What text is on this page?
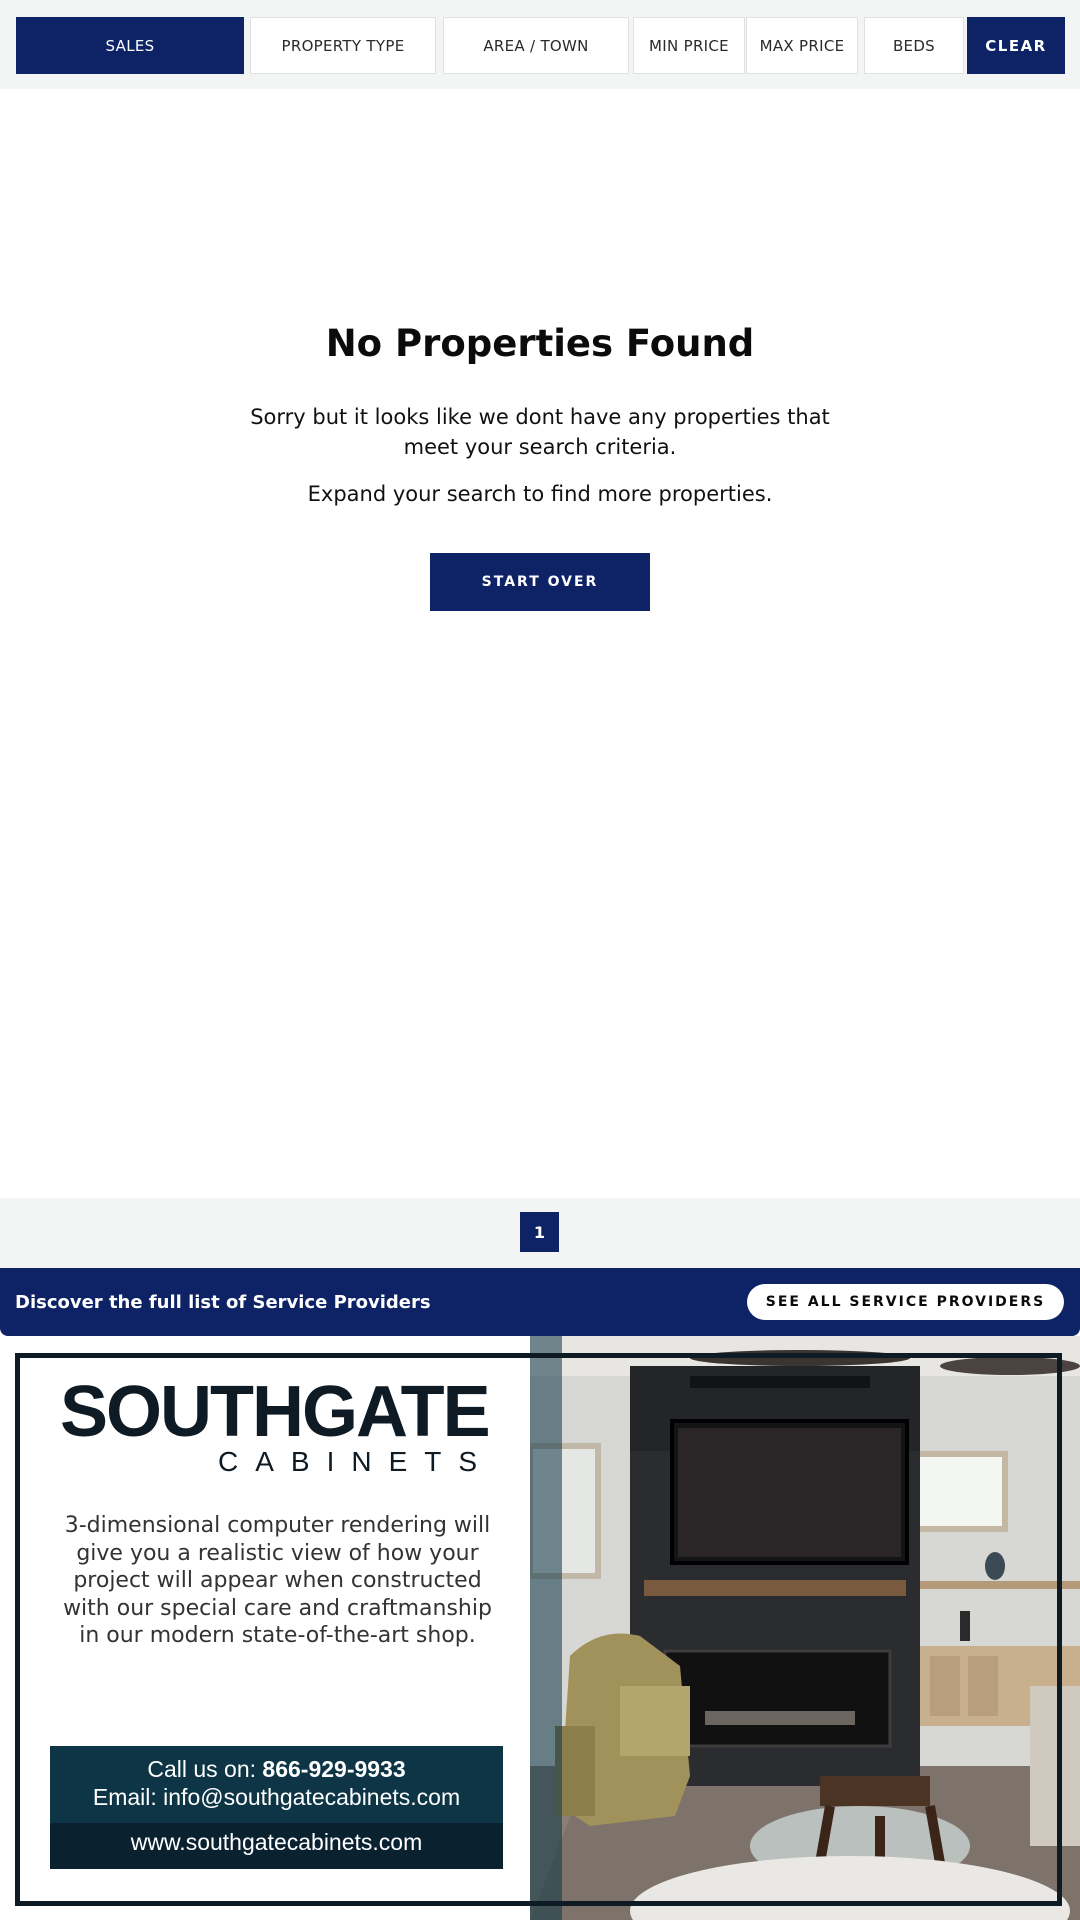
SALES	PROPERTY TYPE	AREA / TOWN	MIN PRICE	MAX PRICE	BEDS	CLEAR
No Properties Found

Sorry but it looks like we dont have any properties that meet your search criteria.

Expand your search to find more properties.

START OVER
1
Discover the full list of Service Providers	SEE ALL SERVICE PROVIDERS
SOUTHGATE
CABINETS

3-dimensional computer rendering will give you a realistic view of how your project will appear when constructed with our special care and craftmanship in our modern state-of-the-art shop.

Call us on: 866-929-9933
Email: info@southgatecabinets.com
www.southgatecabinets.com
